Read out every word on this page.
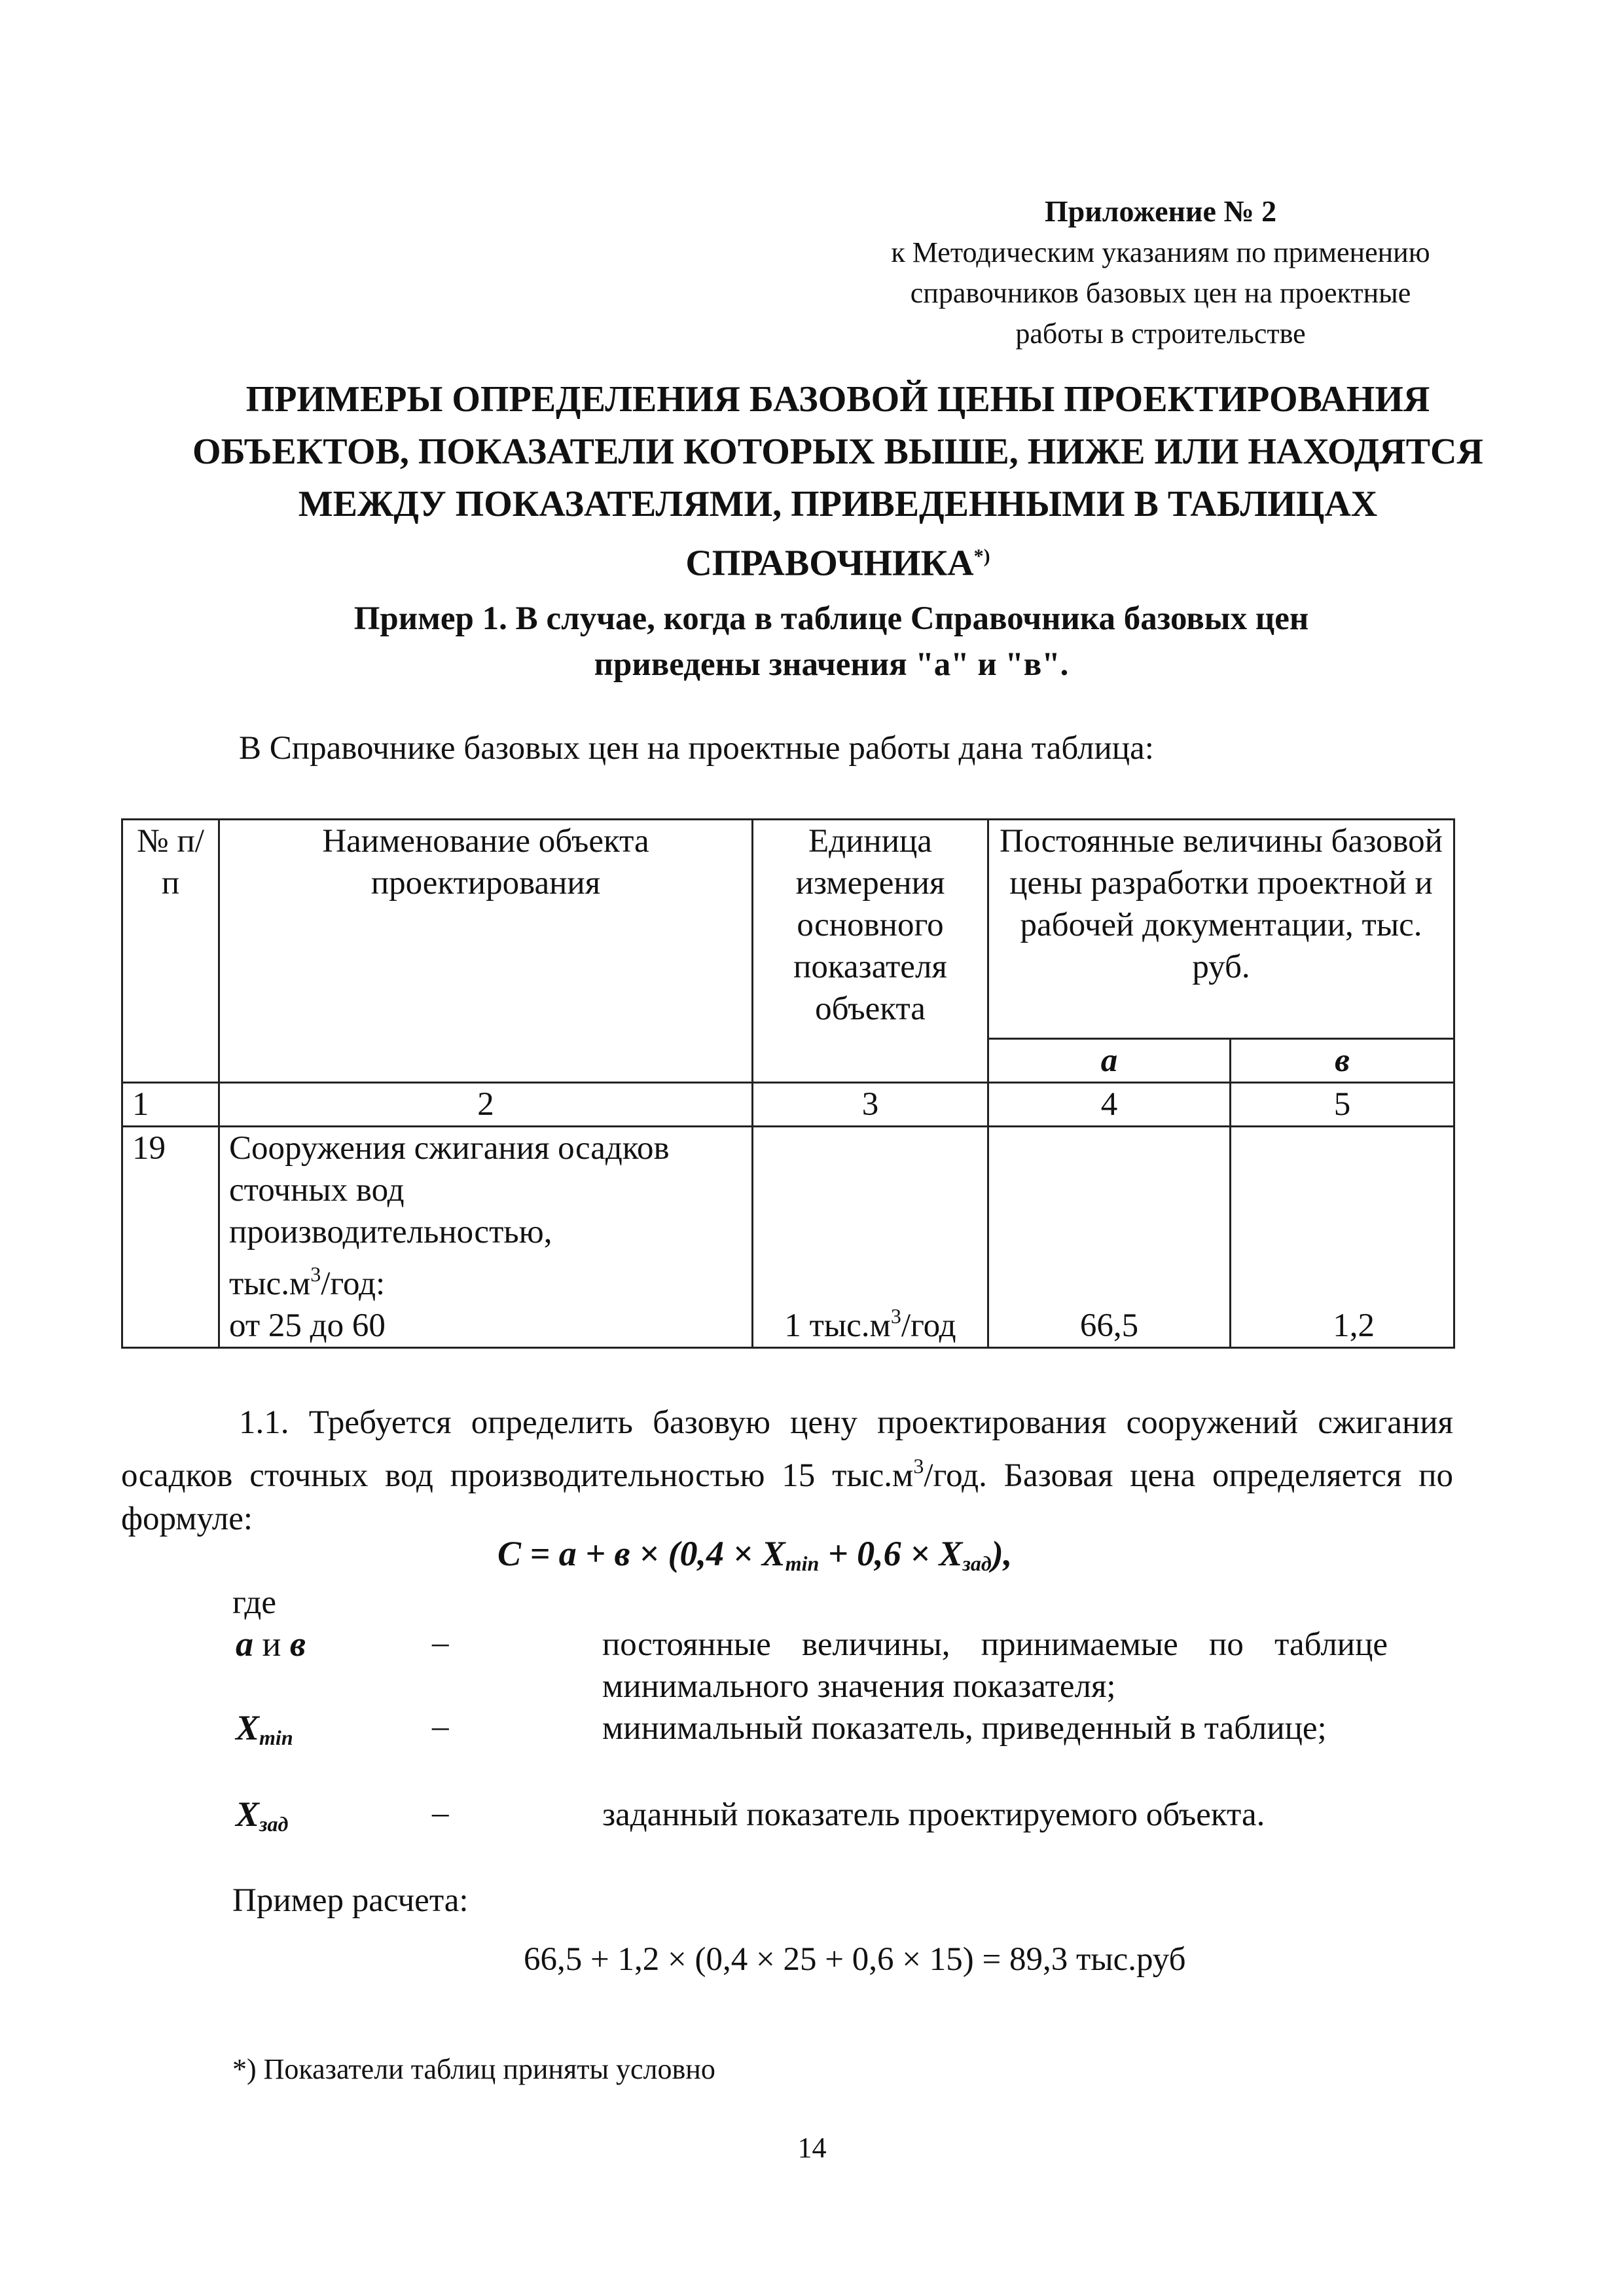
Приложение № 2
к Методическим указаниям по применению
справочников базовых цен на проектные
работы в строительстве
ПРИМЕРЫ ОПРЕДЕЛЕНИЯ БАЗОВОЙ ЦЕНЫ ПРОЕКТИРОВАНИЯ
ОБЪЕКТОВ, ПОКАЗАТЕЛИ КОТОРЫХ ВЫШЕ, НИЖЕ ИЛИ НАХОДЯТСЯ
МЕЖДУ ПОКАЗАТЕЛЯМИ, ПРИВЕДЕННЫМИ В ТАБЛИЦАХ
СПРАВОЧНИКА*)
Пример 1. В случае, когда в таблице Справочника базовых цен
приведены значения "а" и "в".
В Справочнике базовых цен на проектные работы дана таблица:
№ п/п	Наименование объекта проектирования	Единица измерения основного показателя объекта	Постоянные величины базовой цены разработки проектной и рабочей документации, тыс. руб.	
			а	в
1	2	3	4	5
19	Сооружения сжигания осадков
сточных вод
производительностью,
$тыс.м^3$/год:
от 25 до 60	1 $тыс.м^3$/год	66,5	1,2
1.1. Требуется определить базовую цену проектирования сооружений сжигания осадков сточных вод производительностью 15 $тыс.м^3$/год. Базовая цена определяется по формуле:
$С = а + в \times (0,4 \times X_{min} + 0,6 \times X_{зад})$,
где
а и в	–	постоянные величины, принимаемые по таблице минимального значения показателя;
$X_{min}$	–	минимальный показатель, приведенный в таблице;
$X_{зад}$	–	заданный показатель проектируемого объекта.
Пример расчета:
66,5 + 1,2 × (0,4 × 25 + 0,6 × 15) = 89,3 тыс.руб
*) Показатели таблиц приняты условно
14
